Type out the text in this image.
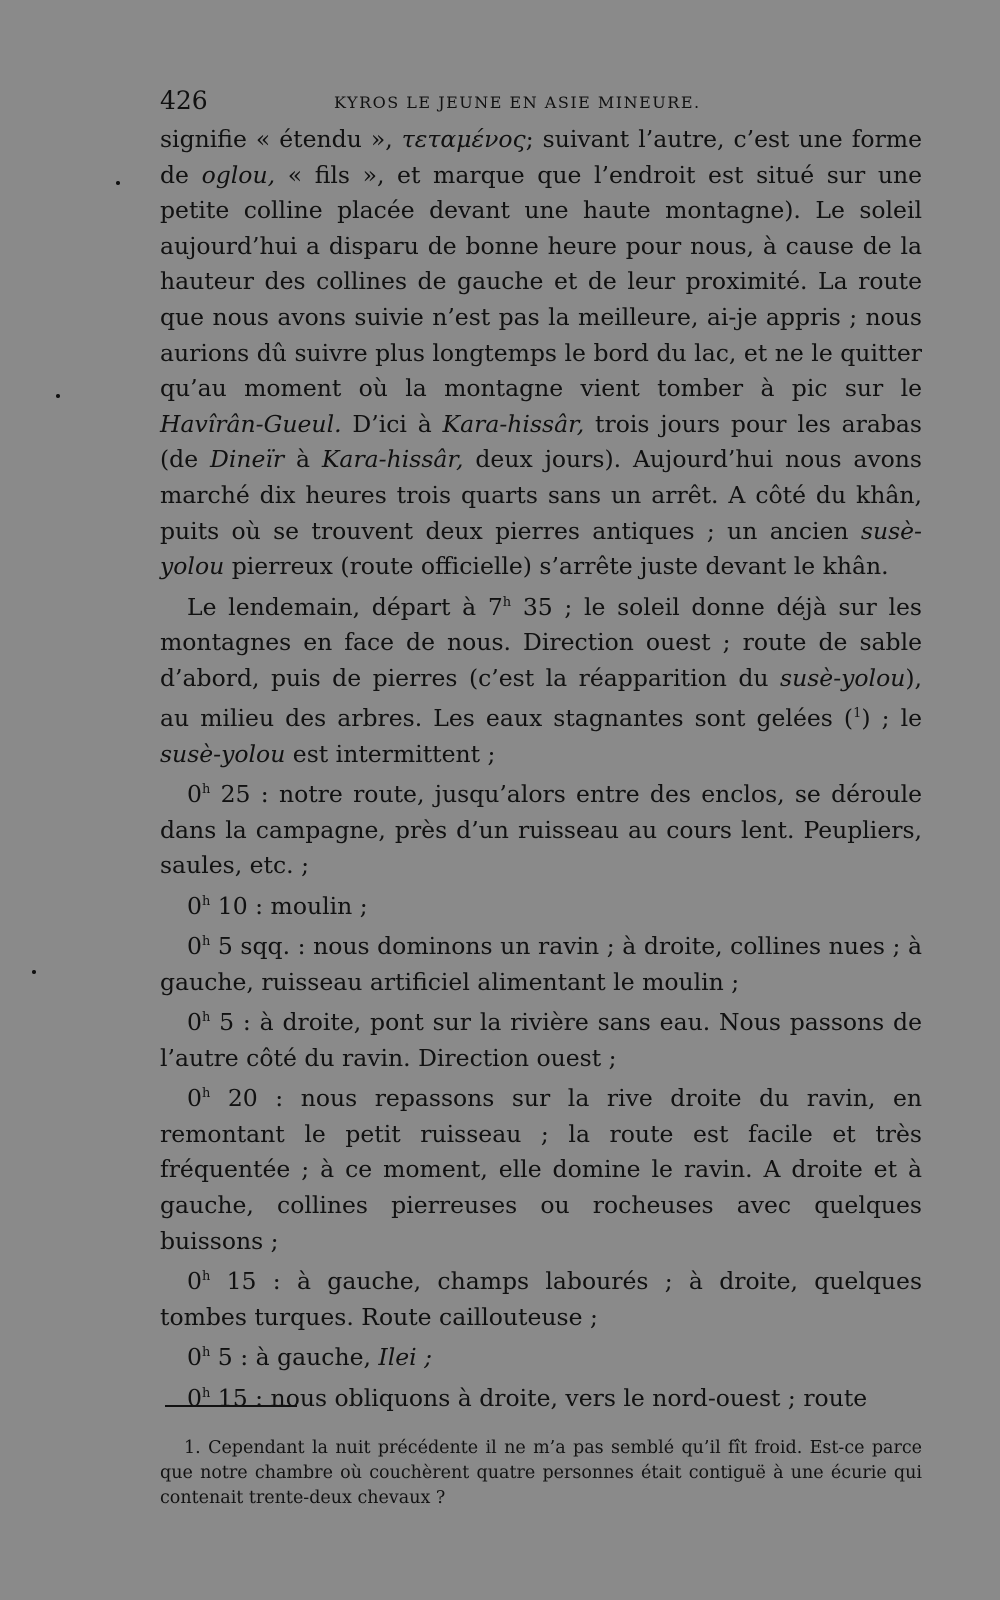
426	KYROS LE JEUNE EN ASIE MINEURE.

signifie « étendu », τεταμένος; suivant l’autre, c’est une forme de oglou, « fils », et marque que l’endroit est situé sur une petite colline placée devant une haute montagne). Le soleil aujourd’hui a disparu de bonne heure pour nous, à cause de la hauteur des collines de gauche et de leur proximité. La route que nous avons suivie n’est pas la meilleure, ai-je appris ; nous aurions dû suivre plus longtemps le bord du lac, et ne le quitter qu’au moment où la montagne vient tomber à pic sur le Havîrân-Gueul. D’ici à Kara-hissâr, trois jours pour les arabas (de Dineïr à Kara-hissâr, deux jours). Aujourd’hui nous avons marché dix heures trois quarts sans un arrêt. A côté du khân, puits où se trouvent deux pierres antiques ; un ancien susè-yolou pierreux (route officielle) s’arrête juste devant le khân.

Le lendemain, départ à 7$^h$ 35 ; le soleil donne déjà sur les montagnes en face de nous. Direction ouest ; route de sable d’abord, puis de pierres (c’est la réapparition du susè-yolou), au milieu des arbres. Les eaux stagnantes sont gelées ($^1$) ; le susè-yolou est intermittent ;

0$^h$ 25 : notre route, jusqu’alors entre des enclos, se déroule dans la campagne, près d’un ruisseau au cours lent. Peupliers, saules, etc. ;

0$^h$ 10 : moulin ;

0$^h$ 5 sqq. : nous dominons un ravin ; à droite, collines nues ; à gauche, ruisseau artificiel alimentant le moulin ;

0$^h$ 5 : à droite, pont sur la rivière sans eau. Nous passons de l’autre côté du ravin. Direction ouest ;

0$^h$ 20 : nous repassons sur la rive droite du ravin, en remontant le petit ruisseau ; la route est facile et très fréquentée ; à ce moment, elle domine le ravin. A droite et à gauche, collines pierreuses ou rocheuses avec quelques buissons ;

0$^h$ 15 : à gauche, champs labourés ; à droite, quelques tombes turques. Route caillouteuse ;

0$^h$ 5 : à gauche, Ilei ;

0$^h$ 15 : nous obliquons à droite, vers le nord-ouest ; route

1. Cependant la nuit précédente il ne m’a pas semblé qu’il fît froid. Est-ce parce que notre chambre où couchèrent quatre personnes était contiguë à une écurie qui contenait trente-deux chevaux ?
